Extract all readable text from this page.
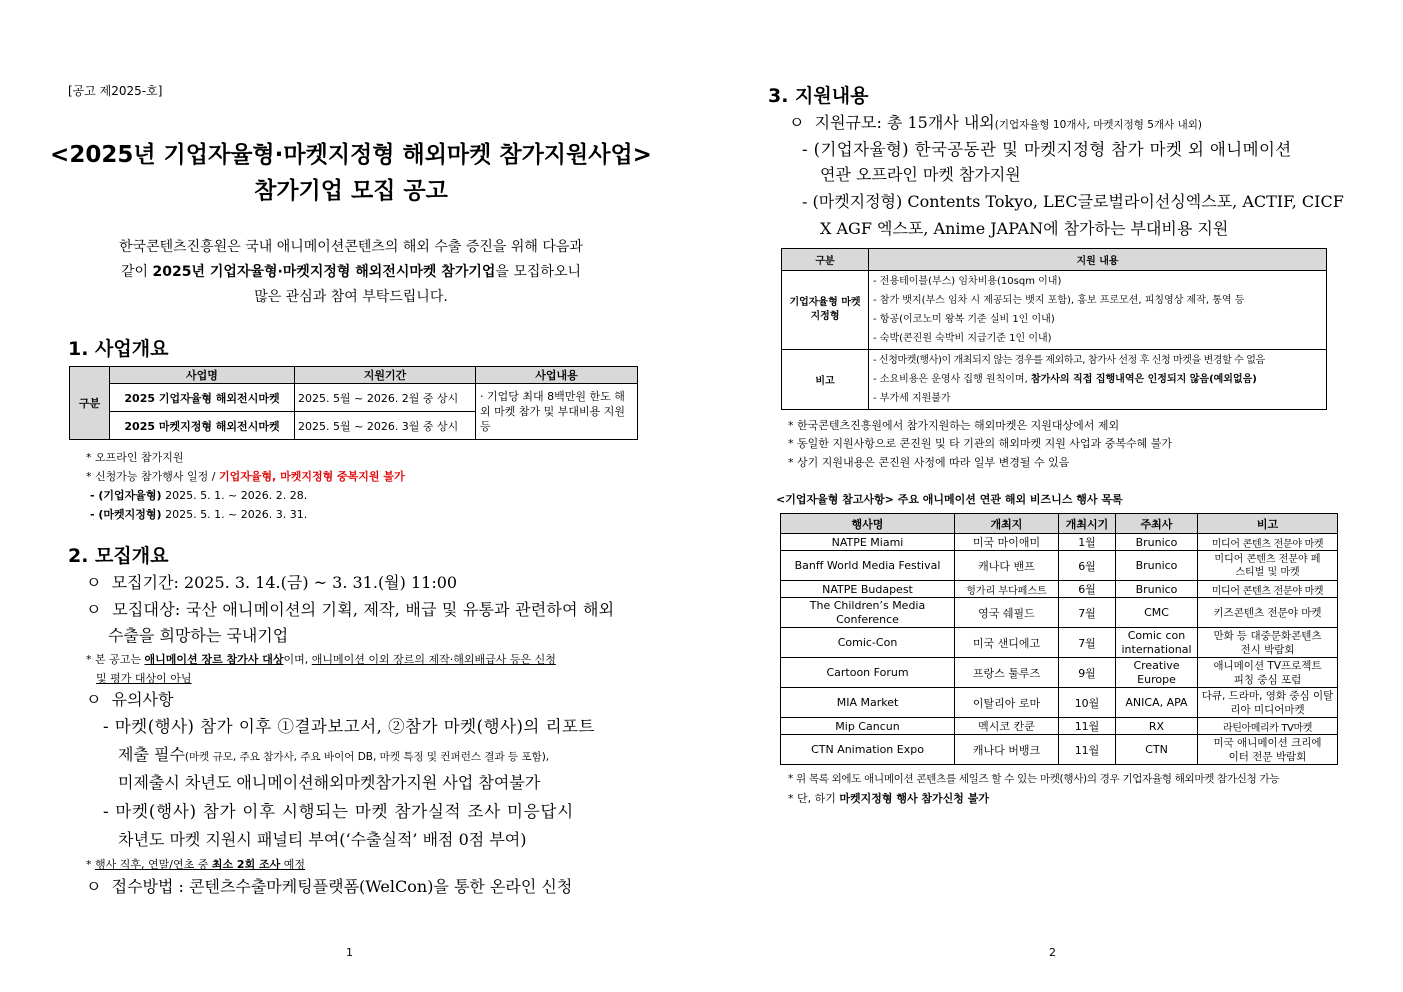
[공고 제2025-호]
<2025년 기업자율형·마켓지정형 해외마켓 참가지원사업>
참가기업 모집 공고
한국콘텐츠진흥원은 국내 애니메이션콘텐츠의 해외 수출 증진을 위해 다음과
같이 2025년 기업자율형·마켓지정형 해외전시마켓 참가기업을 모집하오니
많은 관심과 참여 부탁드립니다.
1. 사업개요
구분	사업명	지원기간	사업내용
	2025 기업자율형 해외전시마켓	2025. 5월 ~ 2026. 2월 중 상시	· 기업당 최대 8백만원 한도 해외 마켓 참가 및 부대비용 지원 등
	2025 마켓지정형 해외전시마켓	2025. 5월 ~ 2026. 3월 중 상시	
* 오프라인 참가지원
* 신청가능 참가행사 일정 / 기업자율형, 마켓지정형 중복지원 불가
- (기업자율형) 2025. 5. 1. ~ 2026. 2. 28.
- (마켓지정형) 2025. 5. 1. ~ 2026. 3. 31.
2. 모집개요
ㅇ 모집기간: 2025. 3. 14.(금) ~ 3. 31.(월) 11:00
ㅇ 모집대상: 국산 애니메이션의 기획, 제작, 배급 및 유통과 관련하여 해외
수출을 희망하는 국내기업
* 본 공고는 애니메이션 장르 참가사 대상이며, 애니메이션 이외 장르의 제작·해외배급사 등은 신청
및 평가 대상이 아님
ㅇ 유의사항
- 마켓(행사) 참가 이후 ①결과보고서, ②참가 마켓(행사)의 리포트
제출 필수(마켓 규모, 주요 참가사, 주요 바이어 DB, 마켓 특징 및 컨퍼런스 결과 등 포함),
미제출시 차년도 애니메이션해외마켓참가지원 사업 참여불가
- 마켓(행사) 참가 이후 시행되는 마켓 참가실적 조사 미응답시
차년도 마켓 지원시 패널티 부여(‘수출실적’ 배점 0점 부여)
* 행사 직후, 연말/연초 중 최소 2회 조사 예정
ㅇ 접수방법 : 콘텐츠수출마케팅플랫폼(WelCon)을 통한 온라인 신청
1
3. 지원내용
ㅇ 지원규모: 총 15개사 내외(기업자율형 10개사, 마켓지정형 5개사 내외)
- (기업자율형) 한국공동관 및 마켓지정형 참가 마켓 외 애니메이션
연관 오프라인 마켓 참가지원
- (마켓지정형) Contents Tokyo, LEC글로벌라이선싱엑스포, ACTIF, CICF
X AGF 엑스포, Anime JAPAN에 참가하는 부대비용 지원
구분	지원 내용
기업자율형 마켓지정형	- 전용테이블(부스) 임차비용(10sqm 이내)
- 참가 뱃지(부스 임차 시 제공되는 뱃지 포함), 홍보 프로모션, 피칭영상 제작, 통역 등
- 항공(이코노미 왕복 기준 실비 1인 이내)
- 숙박(콘진원 숙박비 지급기준 1인 이내)

비고	- 신청마켓(행사)이 개최되지 않는 경우를 제외하고, 참가사 선정 후 신청 마켓을 변경할 수 없음
- 소요비용은 운영사 집행 원칙이며, 참가사의 직접 집행내역은 인정되지 않음(예외없음)
- 부가세 지원불가
* 한국콘텐츠진흥원에서 참가지원하는 해외마켓은 지원대상에서 제외
* 동일한 지원사항으로 콘진원 및 타 기관의 해외마켓 지원 사업과 중복수혜 불가
* 상기 지원내용은 콘진원 사정에 따라 일부 변경될 수 있음
<기업자율형 참고사항> 주요 애니메이션 연관 해외 비즈니스 행사 목록
행사명	개최지	개최시기	주최사	비고
NATPE Miami	미국 마이애미	1월	Brunico	미디어 콘텐츠 전문야 마켓
Banff World Media Festival	캐나다 밴프	6월	Brunico	미디어 콘텐츠 전문야 페스티벌 및 마켓
NATPE Budapest	헝가리 부다페스트	6월	Brunico	미디어 콘텐츠 전문야 마켓
The Children’s Media Conference	영국 쉐필드	7월	CMC	키즈콘텐츠 전문야 마켓
Comic-Con	미국 샌디에고	7월	Comic con international	만화 등 대중문화콘텐츠 전시 박람회
Cartoon Forum	프랑스 툴루즈	9월	Creative Europe	애니메이션 TV프로젝트 피칭 중심 포럼
MIA Market	이탈리아 로마	10월	ANICA, APA	다큐, 드라마, 영화 중심 이탈리아 미디어마켓
Mip Cancun	멕시코 칸쿤	11월	RX	라틴아메리카 TV마켓
CTN Animation Expo	캐나다 버뱅크	11월	CTN	미국 애니메이션 크리에이터 전문 박람회
* 위 목록 외에도 애니메이션 콘텐츠를 세일즈 할 수 있는 마켓(행사)의 경우 기업자율형 해외마켓 참가신청 가능
* 단, 하기 마켓지정형 행사 참가신청 불가
2
